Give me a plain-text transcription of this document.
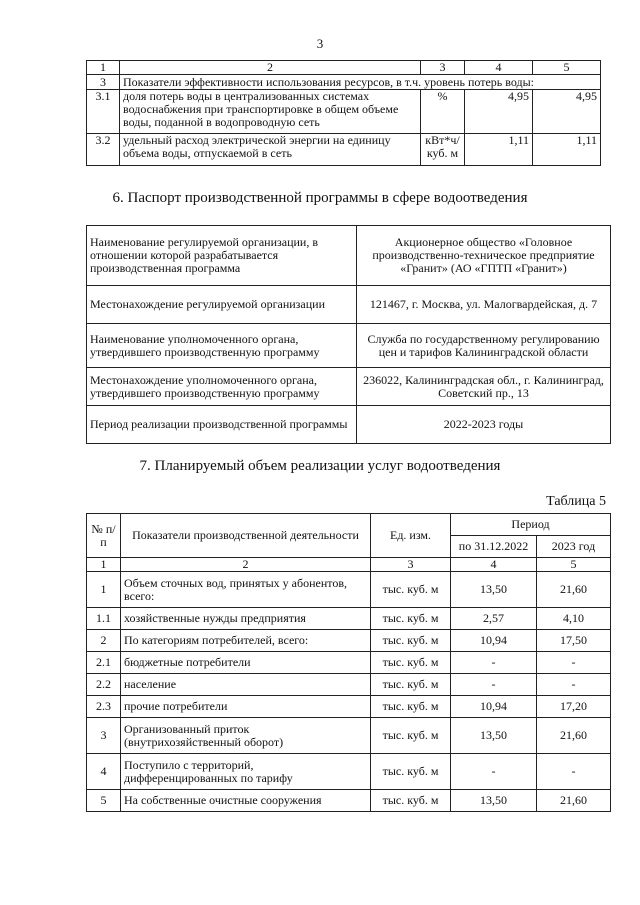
3
1	2	3	4	5
3	Показатели эффективности использования ресурсов, в т.ч. уровень потерь воды:			
3.1	доля потерь воды в централизованных системах водоснабжения при транспортировке в общем объеме воды, поданной в водопроводную сеть	%	4,95	4,95
3.2	удельный расход электрической энергии на единицу объема воды, отпускаемой в сеть	кВт*ч/ куб. м	1,11	1,11
6. Паспорт производственной программы в сфере водоотведения
Наименование регулируемой организации, в отношении которой разрабатывается производственная программа	Акционерное общество «Головное производственно-техническое предприятие «Гранит» (АО «ГПТП «Гранит»)
Местонахождение регулируемой организации	121467, г. Москва, ул. Малогвардейская, д. 7
Наименование уполномоченного органа, утвердившего производственную программу	Служба по государственному регулированию цен и тарифов Калининградской области
Местонахождение уполномоченного органа, утвердившего производственную программу	236022, Калининградская обл., г. Калининград, Советский пр., 13
Период реализации производственной программы	2022-2023 годы
7. Планируемый объем реализации услуг водоотведения
Таблица 5
№ п/п	Показатели производственной деятельности	Ед. изм.	Период	
			по 31.12.2022	2023 год
1	2	3	4	5
1	Объем сточных вод, принятых у абонентов, всего:	тыс. куб. м	13,50	21,60
1.1	хозяйственные нужды предприятия	тыс. куб. м	2,57	4,10
2	По категориям потребителей, всего:	тыс. куб. м	10,94	17,50
2.1	бюджетные потребители	тыс. куб. м	-	-
2.2	население	тыс. куб. м	-	-
2.3	прочие потребители	тыс. куб. м	10,94	17,20
3	Организованный приток (внутрихозяйственный оборот)	тыс. куб. м	13,50	21,60
4	Поступило с территорий, дифференцированных по тарифу	тыс. куб. м	-	-
5	На собственные очистные сооружения	тыс. куб. м	13,50	21,60
